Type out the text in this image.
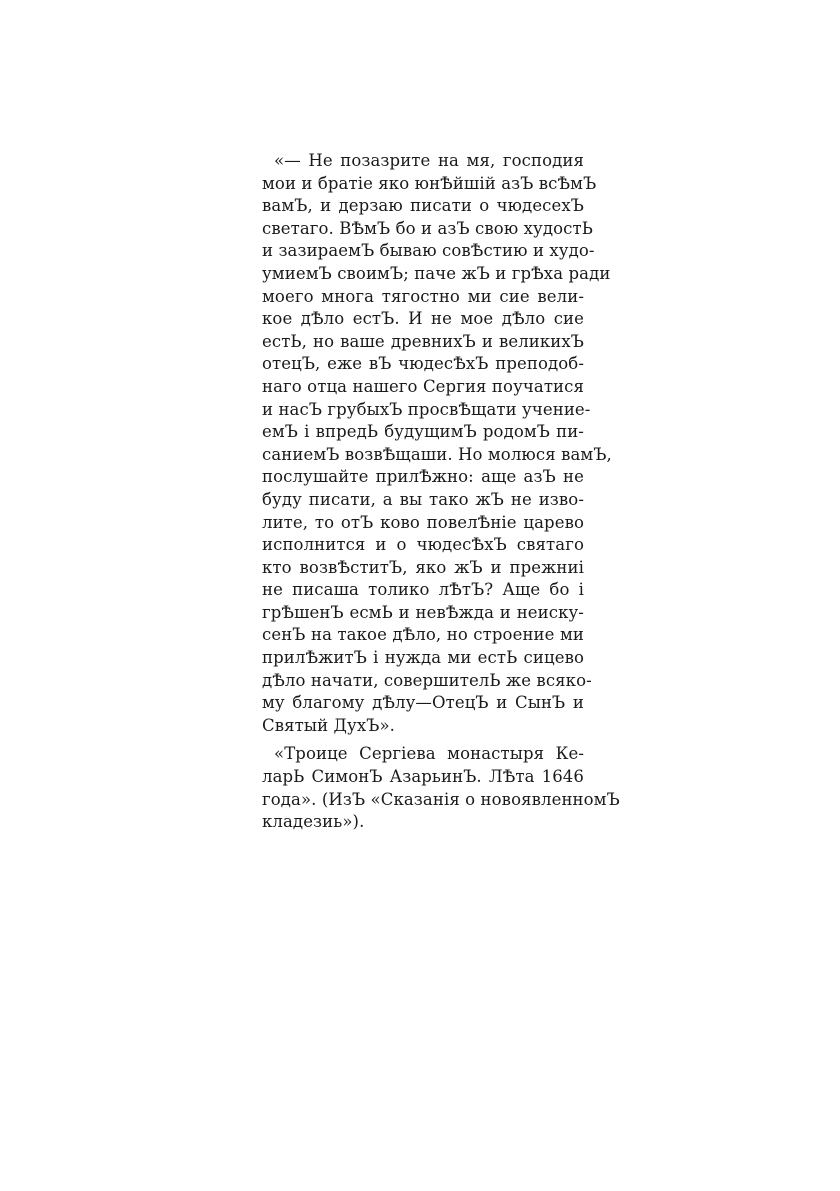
«— Не позазрите на мя, господия
мои и братіе яко юнѢйшій азЪ всѢмЪ
вамЪ, и дерзаю писати о чюдесехЪ
светаго. ВѢмЪ бо и азЪ свою худостЬ
и зазираемЪ бываю совѢстию и худо-
умиемЪ своимЪ; паче жЪ и грѢха ради
моего многа тягостно ми сие вели-
кое дѢло естЪ. И не мое дѢло сие
естЬ, но ваше древнихЪ и великихЪ
отецЪ, еже вЪ чюдесѢхЪ преподоб-
наго отца нашего Сергия поучатися
и насЪ грубыхЪ просвѢщати учениe-
емЪ і впредЬ будущимЪ родомЪ пи-
саниемЪ возвѢщаши. Но молюся вамЪ,
послушайте прилѢжно: аще азЪ не
буду писати, а вы тако жЪ не изво-
лите, то отЪ ково повелѢніе царево
исполнится и о чюдесѢхЪ святаго
кто возвѢститЪ, яко жЪ и прежниі
не писаша толико лѢтЪ? Аще бо і
грѢшенЪ есмЬ и невѢжда и неиску-
сенЪ на такое дѢло, но строение ми
прилѢжитЪ і нужда ми естЬ сицево
дѢло начати, совершителЬ же всяко-
му благому дѢлу—ОтецЪ и СынЪ и
Святый ДухЪ».
«Троице Сергіева монастыря Ке-
ларЬ СимонЪ АзарьинЪ. ЛѢта 1646
года». (ИзЪ «Сказанія о новоявленномЪ
кладезиь»).
